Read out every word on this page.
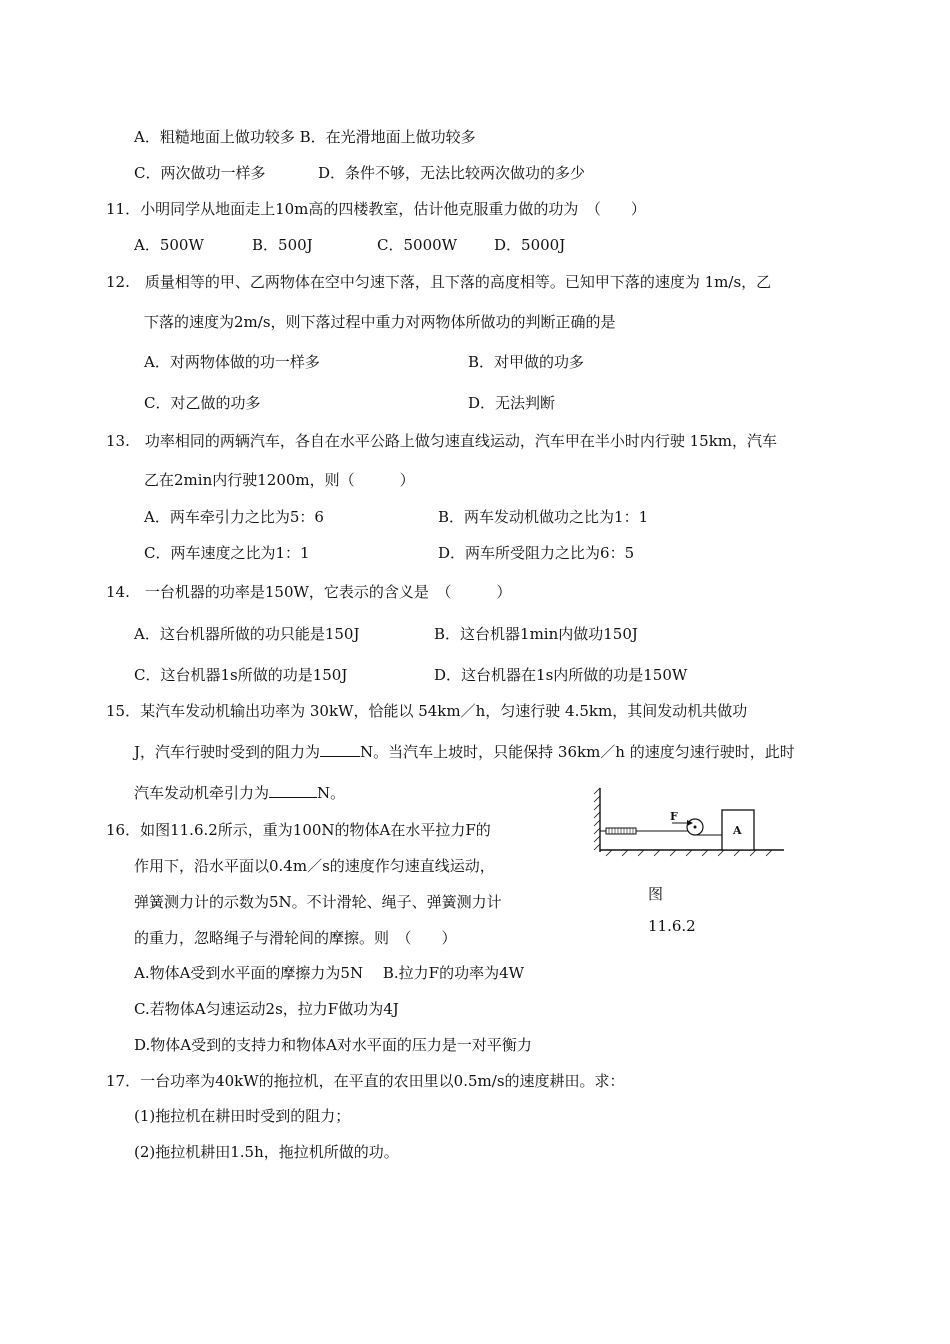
A．粗糙地面上做功较多 B．在光滑地面上做功较多
C．两次做功一样多	D．条件不够，无法比较两次做功的多少
11．小明同学从地面走上10m高的四楼教室，估计他克服重力做的功为　（　　）
A．500W	B．500J	C．5000W D．5000J
12.　质量相等的甲、乙两物体在空中匀速下落，且下落的高度相等。已知甲下落的速度为 1m/s，乙
下落的速度为2m/s，则下落过程中重力对两物体所做功的判断正确的是
A．对两物体做的功一样多	B．对甲做的功多
C．对乙做的功多	D．无法判断
13.　功率相同的两辆汽车，各自在水平公路上做匀速直线运动，汽车甲在半小时内行驶 15km，汽车
乙在2min内行驶1200m，则（　　　）
A．两车牵引力之比为5：6	B．两车发动机做功之比为1：1
C．两车速度之比为1：1	D．两车所受阻力之比为6：5
14.　一台机器的功率是150W，它表示的含义是　（　　　）
A．这台机器所做的功只能是150J	B．这台机器1min内做功150J
C．这台机器1s所做的功是150J	D．这台机器在1s内所做的功是150W
15．某汽车发动机输出功率为 30kW，恰能以 54km／h，匀速行驶 4.5km，其间发动机共做功
J，汽车行驶时受到的阻力为	N。当汽车上坡时，只能保持 36km／h 的速度匀速行驶时，此时
汽车发动机牵引力为	N。
16．如图11.6.2所示，重为100N的物体A在水平拉力F的
作用下，沿水平面以0.4m／s的速度作匀速直线运动，
弹簧测力计的示数为5N。不计滑轮、绳子、弹簧测力计
的重力，忽略绳子与滑轮间的摩擦。则　（　　）
A.物体A受到水平面的摩擦力为5N　 B.拉力F的功率为4W
C.若物体A匀速运动2s，拉力F做功为4J
D.物体A受到的支持力和物体A对水平面的压力是一对平衡力
F
A
图
11.6.2
17．一台功率为40kW的拖拉机，在平直的农田里以0.5m/s的速度耕田。求：
(1)拖拉机在耕田时受到的阻力；
(2)拖拉机耕田1.5h，拖拉机所做的功。
